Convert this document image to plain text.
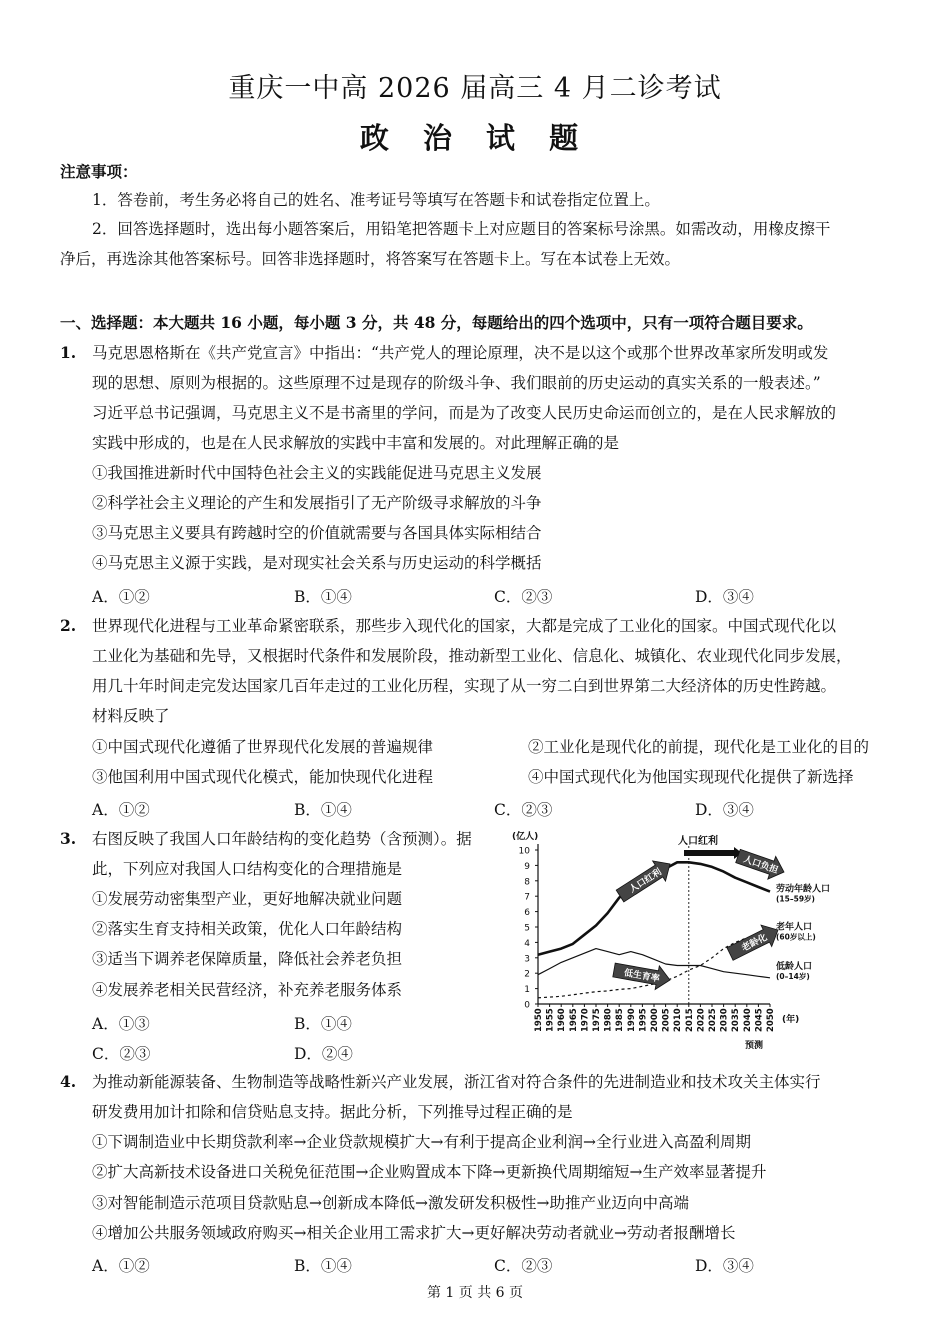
重庆一中高 2026 届高三 4 月二诊考试
政 治 试 题
注意事项：
1．答卷前，考生务必将自己的姓名、准考证号等填写在答题卡和试卷指定位置上。
2．回答选择题时，选出每小题答案后，用铅笔把答题卡上对应题目的答案标号涂黑。如需改动，用橡皮擦干
净后，再选涂其他答案标号。回答非选择题时，将答案写在答题卡上。写在本试卷上无效。
一、选择题：本大题共 16 小题，每小题 3 分，共 48 分，每题给出的四个选项中，只有一项符合题目要求。
1. 马克思恩格斯在《共产党宣言》中指出：“共产党人的理论原理，决不是以这个或那个世界改革家所发明或发
现的思想、原则为根据的。这些原理不过是现存的阶级斗争、我们眼前的历史运动的真实关系的一般表述。”
习近平总书记强调，马克思主义不是书斋里的学问，而是为了改变人民历史命运而创立的，是在人民求解放的
实践中形成的，也是在人民求解放的实践中丰富和发展的。对此理解正确的是
①我国推进新时代中国特色社会主义的实践能促进马克思主义发展
②科学社会主义理论的产生和发展指引了无产阶级寻求解放的斗争
③马克思主义要具有跨越时空的价值就需要与各国具体实际相结合
④马克思主义源于实践，是对现实社会关系与历史运动的科学概括
A．①②	B．①④	C．②③	D．③④
2. 世界现代化进程与工业革命紧密联系，那些步入现代化的国家，大都是完成了工业化的国家。中国式现代化以
工业化为基础和先导，又根据时代条件和发展阶段，推动新型工业化、信息化、城镇化、农业现代化同步发展，
用几十年时间走完发达国家几百年走过的工业化历程，实现了从一穷二白到世界第二大经济体的历史性跨越。
材料反映了
①中国式现代化遵循了世界现代化发展的普遍规律	②工业化是现代化的前提，现代化是工业化的目的
③他国利用中国式现代化模式，能加快现代化进程	④中国式现代化为他国实现现代化提供了新选择
A．①②	B．①④	C．②③	D．③④
3. 右图反映了我国人口年龄结构的变化趋势（含预测）。据
此，下列应对我国人口结构变化的合理措施是
①发展劳动密集型产业，更好地解决就业问题
②落实生育支持相关政策，优化人口年龄结构
③适当下调养老保障质量，降低社会养老负担
④发展养老相关民营经济，补充养老服务体系
A．①③	B．①④
C．②③	D．②④
0
1
2
3
4
5
6
7
8
9
10
(亿人)
1950 1955 1960 1965 1970 1975 1980 1985 1990 1995 2000 2005 2010 2015 2020 2025 2030 2035 2040 2045 2050 (年)
预测
劳动年龄人口
(15–59岁)
老年人口
(60岁以上)
低龄人口
(0–14岁)
人口红利
人口红利
人口负担
老龄化
低生育率
4. 为推动新能源装备、生物制造等战略性新兴产业发展，浙江省对符合条件的先进制造业和技术攻关主体实行
研发费用加计扣除和信贷贴息支持。据此分析，下列推导过程正确的是
①下调制造业中长期贷款利率→企业贷款规模扩大→有利于提高企业利润→全行业进入高盈利周期
②扩大高新技术设备进口关税免征范围→企业购置成本下降→更新换代周期缩短→生产效率显著提升
③对智能制造示范项目贷款贴息→创新成本降低→激发研发积极性→助推产业迈向中高端
④增加公共服务领域政府购买→相关企业用工需求扩大→更好解决劳动者就业→劳动者报酬增长
A．①②	B．①④	C．②③	D．③④
第 1 页 共 6 页
